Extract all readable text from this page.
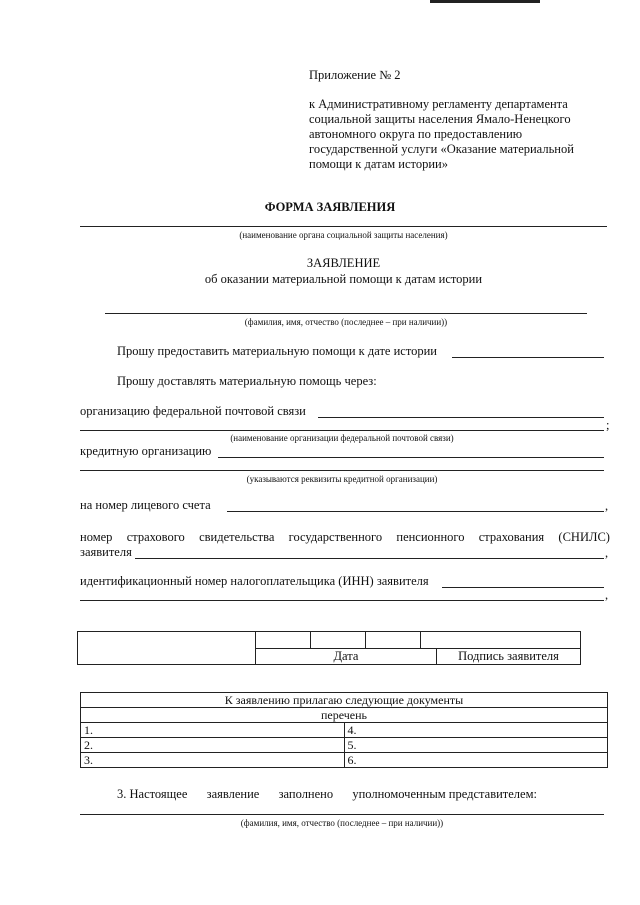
Приложение № 2
к Административному регламенту департамента
социальной защиты населения Ямало-Ненецкого
автономного округа по предоставлению
государственной услуги «Оказание материальной
помощи к датам истории»
ФОРМА ЗАЯВЛЕНИЯ
(наименование органа социальной защиты населения)
ЗАЯВЛЕНИЕ
об оказании материальной помощи к датам истории
(фамилия, имя, отчество (последнее – при наличии))
Прошу предоставить материальную помощи к дате истории
Прошу доставлять материальную помощь через:
организацию федеральной почтовой связи
;
(наименование организации федеральной почтовой связи)
кредитную организацию
(указываются реквизиты кредитной организации)
на номер лицевого счета	,
номер страхового свидетельства государственного пенсионного страхования (СНИЛС)
заявителя	,
идентификационный номер налогоплательщика (ИНН) заявителя
,
Дата	Подпись заявителя
К заявлению прилагаю следующие документы	
перечень	
1.	4.
2.	5.
3.	6.
3. Настоящее заявление заполнено уполномоченным представителем:
(фамилия, имя, отчество (последнее – при наличии))
